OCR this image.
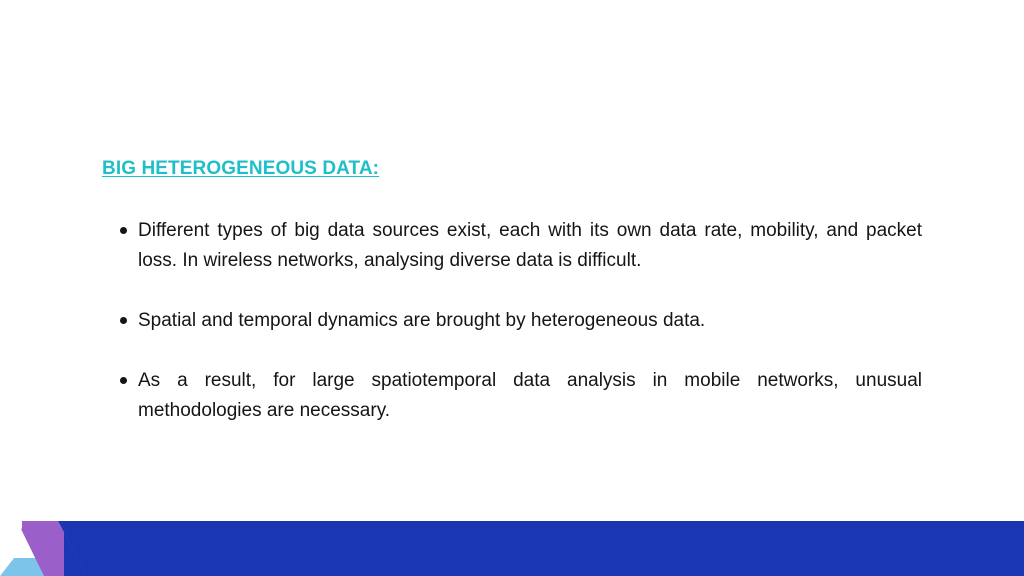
BIG HETEROGENEOUS DATA:
Different types of big data sources exist, each with its own data rate, mobility, and packet loss. In wireless networks, analysing diverse data is difficult.
Spatial and temporal dynamics are brought by heterogeneous data.
As a result, for large spatiotemporal data analysis in mobile networks, unusual methodologies are necessary.
